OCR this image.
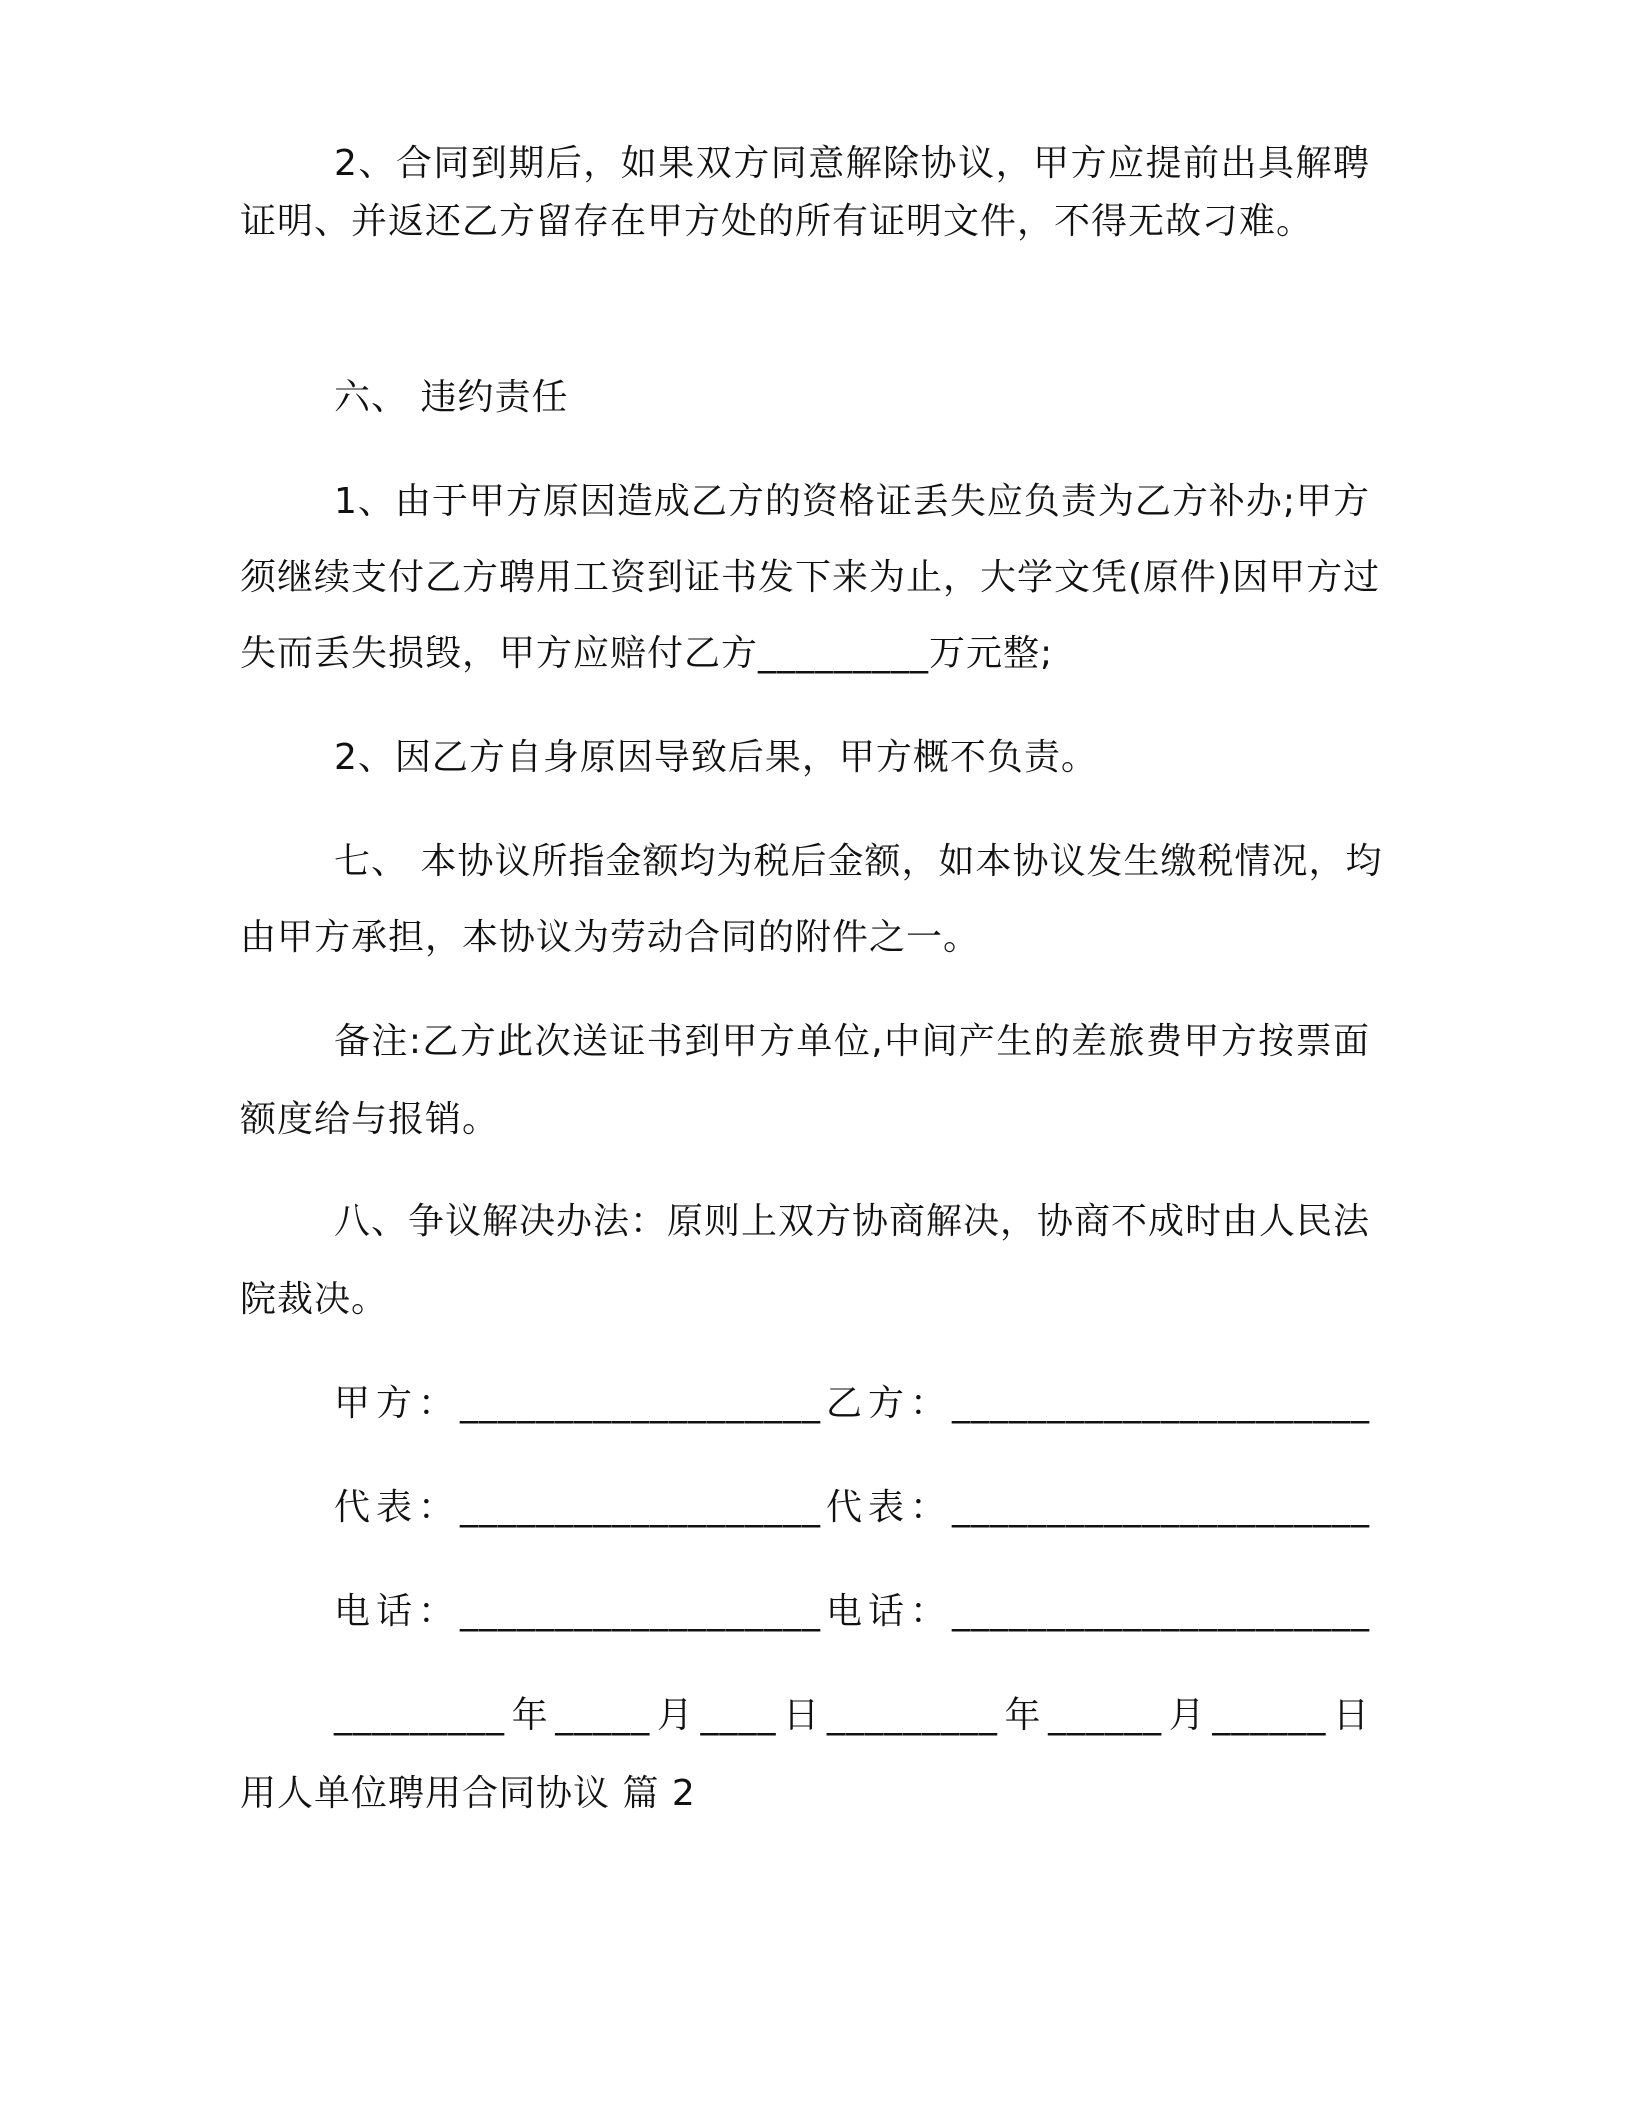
2、合同到期后，如果双方同意解除协议，甲方应提前出具解聘

证明、并返还乙方留存在甲方处的所有证明文件，不得无故刁难。

六、 违约责任

1、由于甲方原因造成乙方的资格证丢失应负责为乙方补办;甲方

须继续支付乙方聘用工资到证书发下来为止，大学文凭(原件)因甲方过

失而丢失损毁，甲方应赔付乙方_________万元整;

2、因乙方自身原因导致后果，甲方概不负责。

七、 本协议所指金额均为税后金额，如本协议发生缴税情况，均

由甲方承担，本协议为劳动合同的附件之一。

备注:乙方此次送证书到甲方单位,中间产生的差旅费甲方按票面

额度给与报销。

八、争议解决办法：原则上双方协商解决，协商不成时由人民法

院裁决。

甲方：___________________乙方：______________________

代表：___________________代表：______________________

电话：___________________电话：______________________

_________年_____月____日_________年______月______日

用人单位聘用合同协议 篇 2
